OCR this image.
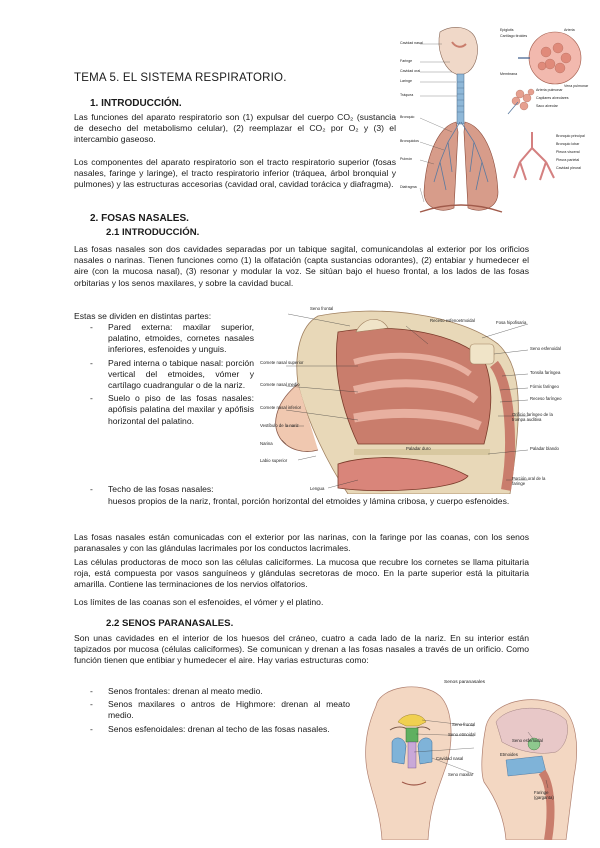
Cavidad nasal
Faringe
Cavidad oral
Laringe
Tráquea
Bronquio
Bronquiolos
Pulmón
Diafragma
Epiglotis
Cartílago tiroides
Membrana
Arteria
Vena pulmonar
Arteria pulmonar
Capilares alveolares
Saco alveolar
Bronquio principal
Bronquio lobar
Pleura visceral
Pleura parietal
Cavidad pleural
TEMA 5. EL SISTEMA RESPIRATORIO.
1. INTRODUCCIÓN.

Las funciones del aparato respiratorio son (1) expulsar del cuerpo CO₂ (sustancia de desecho del metabolismo celular), (2) reemplazar el CO₂ por O₂ y (3) el intercambio gaseoso.

Los componentes del aparato respiratorio son el tracto respiratorio superior (fosas nasales, faringe y laringe), el tracto respiratorio inferior (tráquea, árbol bronquial y pulmones) y las estructuras accesorias (cavidad oral, cavidad torácica y diafragma).

2. FOSAS NASALES.
2.1 INTRODUCCIÓN.

Las fosas nasales son dos cavidades separadas por un tabique sagital, comunicandolas al exterior por los orificios nasales o narinas. Tienen funciones como (1) la olfatación (capta sustancias odorantes), (2) entabiar y humedecer el aire (con la mucosa nasal), (3) resonar y modular la voz. Se sitúan bajo el hueso frontal, a los lados de las fosas orbitarias y los senos maxilares, y sobre la cavidad bucal.

Estas se dividen en distintas partes:

- Pared externa: maxilar superior, palatino, etmoides, cornetes nasales inferiores, esfenoides y unguis.
- Pared interna o tabique nasal: porción vertical del etmoides, vómer y cartílago cuadrangular o de la nariz.
- Suelo o piso de las fosas nasales: apófisis palatina del maxilar y apófisis horizontal del palatino.
- Techo de las fosas nasales:

huesos propios de la nariz, frontal, porción horizontal del etmoides y lámina cribosa, y cuerpo esfenoides.

Seno frontal
Receso esfenoetmoidal
Seno esfenoidal
Cornete nasal superior
Cornete nasal medio
Cornete nasal inferior
Vestíbulo de la nariz
Narina
Labio superior
Lengua
Paladar duro
Fosa hipofisaria
Tonsila faríngea
Fórnix faríngeo
Receso faríngeo
Orificio faríngeo de la trompa auditiva
Paladar blando
Porción oral de la faringe

Las fosas nasales están comunicadas con el exterior por las narinas, con la faringe por las coanas, con los senos paranasales y con las glándulas lacrimales por los conductos lacrimales.

Las células productoras de moco son las células caliciformes. La mucosa que recubre los cornetes se llama pituitaria roja, está compuesta por vasos sanguíneos y glándulas secretoras de moco. En la parte superior está la pituitaria amarilla. Contiene las terminaciones de los nervios olfatorios.

Los límites de las coanas son el esfenoides, el vómer y el platino.

2.2 SENOS PARANASALES.

Son unas cavidades en el interior de los huesos del cráneo, cuatro a cada lado de la nariz. En su interior están tapizados por mucosa (células caliciformes). Se comunican y drenan a las fosas nasales a través de un orificio. Como función tienen que entibiar y humedecer el aire. Hay varias estructuras como:

- Senos frontales: drenan al meato medio.
- Senos maxilares o antros de Highmore: drenan al meato medio.
- Senos esfenoidales: drenan al techo de las fosas nasales.
Senos paranasales
Seno frontal
Seno etmoidal
Cavidad nasal
Seno maxilar
Seno esfenoidal
Etmoides
Faringe (garganta)
